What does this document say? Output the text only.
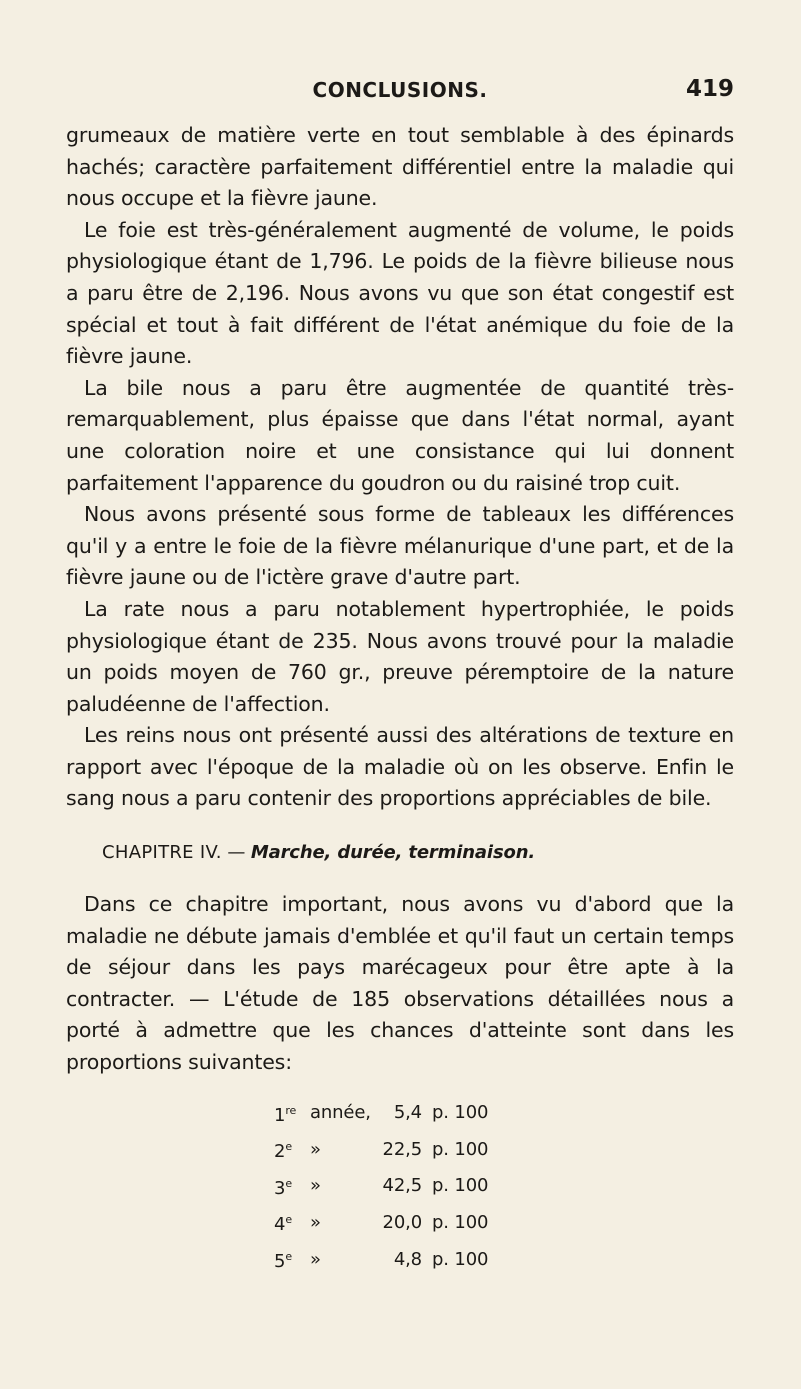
CONCLUSIONS.	419

grumeaux de matière verte en tout semblable à des épinards hachés; caractère parfaitement différentiel entre la maladie qui nous occupe et la fièvre jaune.

Le foie est très-généralement augmenté de volume, le poids physiologique étant de 1,796. Le poids de la fièvre bilieuse nous a paru être de 2,196. Nous avons vu que son état congestif est spécial et tout à fait différent de l'état anémique du foie de la fièvre jaune.

La bile nous a paru être augmentée de quantité très-remarquablement, plus épaisse que dans l'état normal, ayant une coloration noire et une consistance qui lui donnent parfaitement l'apparence du goudron ou du raisiné trop cuit.

Nous avons présenté sous forme de tableaux les différences qu'il y a entre le foie de la fièvre mélanurique d'une part, et de la fièvre jaune ou de l'ictère grave d'autre part.

La rate nous a paru notablement hypertrophiée, le poids physiologique étant de 235. Nous avons trouvé pour la maladie un poids moyen de 760 gr., preuve péremptoire de la nature paludéenne de l'affection.

Les reins nous ont présenté aussi des altérations de texture en rapport avec l'époque de la maladie où on les observe. Enfin le sang nous a paru contenir des proportions appréciables de bile.

CHAPITRE IV. — Marche, durée, terminaison.

Dans ce chapitre important, nous avons vu d'abord que la maladie ne débute jamais d'emblée et qu'il faut un certain temps de séjour dans les pays marécageux pour être apte à la contracter. — L'étude de 185 observations détaillées nous a porté à admettre que les chances d'atteinte sont dans les proportions suivantes:

1re	année,	5,4	p. 100
2e	»	22,5	p. 100
3e	»	42,5	p. 100
4e	»	20,0	p. 100
5e	»	4,8	p. 100
